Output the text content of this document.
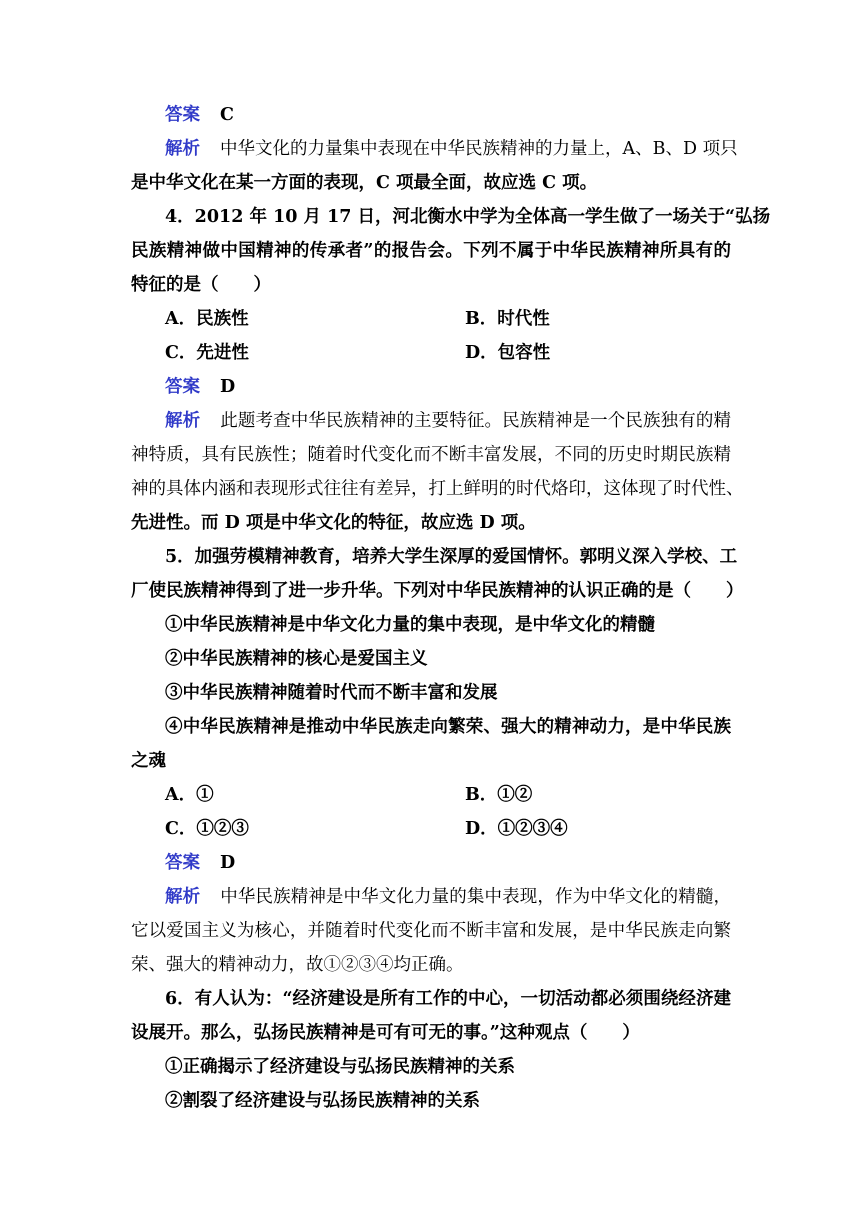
答案 C
解析 中华文化的力量集中表现在中华民族精神的力量上，A、B、D 项只
是中华文化在某一方面的表现，C 项最全面，故应选 C 项。
4．2012 年 10 月 17 日，河北衡水中学为全体高一学生做了一场关于“弘扬
民族精神做中国精神的传承者”的报告会。下列不属于中华民族精神所具有的
特征的是（　　）
A．民族性	B．时代性
C．先进性	D．包容性
答案 D
解析 此题考查中华民族精神的主要特征。民族精神是一个民族独有的精
神特质，具有民族性；随着时代变化而不断丰富发展，不同的历史时期民族精
神的具体内涵和表现形式往往有差异，打上鲜明的时代烙印，这体现了时代性、
先进性。而 D 项是中华文化的特征，故应选 D 项。
5．加强劳模精神教育，培养大学生深厚的爱国情怀。郭明义深入学校、工
厂使民族精神得到了进一步升华。下列对中华民族精神的认识正确的是（　　）
①中华民族精神是中华文化力量的集中表现，是中华文化的精髓
②中华民族精神的核心是爱国主义
③中华民族精神随着时代而不断丰富和发展
④中华民族精神是推动中华民族走向繁荣、强大的精神动力，是中华民族
之魂
A．①	B．①②
C．①②③	D．①②③④
答案 D
解析 中华民族精神是中华文化力量的集中表现，作为中华文化的精髓，
它以爱国主义为核心，并随着时代变化而不断丰富和发展，是中华民族走向繁
荣、强大的精神动力，故①②③④均正确。
6．有人认为：“经济建设是所有工作的中心，一切活动都必须围绕经济建
设展开。那么，弘扬民族精神是可有可无的事。”这种观点（　　）
①正确揭示了经济建设与弘扬民族精神的关系
②割裂了经济建设与弘扬民族精神的关系
